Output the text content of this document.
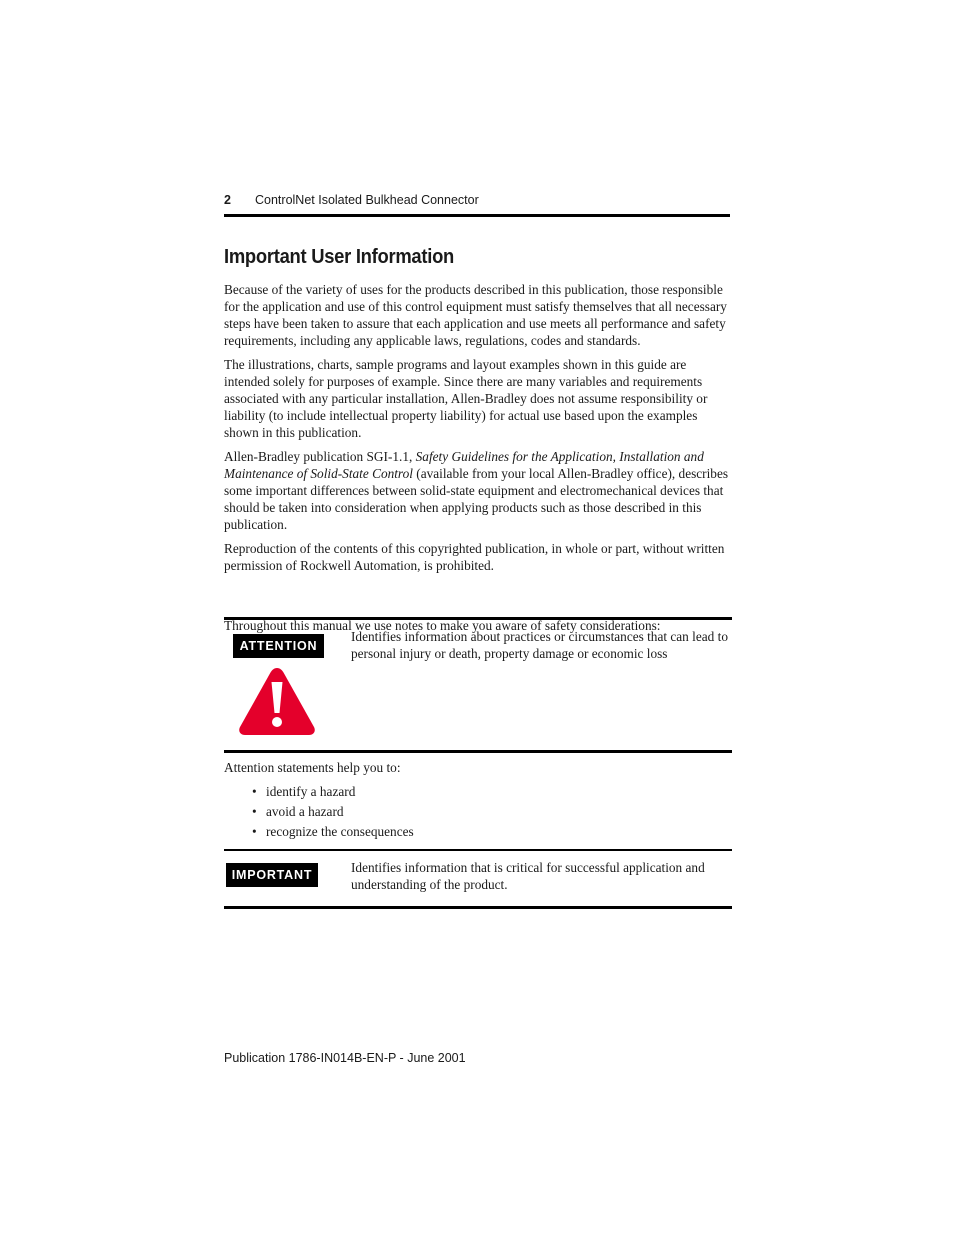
2 ControlNet Isolated Bulkhead Connector
Important User Information

Because of the variety of uses for the products described in this publication, those responsible for the application and use of this control equipment must satisfy themselves that all necessary steps have been taken to assure that each application and use meets all performance and safety requirements, including any applicable laws, regulations, codes and standards.

The illustrations, charts, sample programs and layout examples shown in this guide are intended solely for purposes of example. Since there are many variables and requirements associated with any particular installation, Allen-Bradley does not assume responsibility or liability (to include intellectual property liability) for actual use based upon the examples shown in this publication.

Allen-Bradley publication SGI-1.1, Safety Guidelines for the Application, Installation and Maintenance of Solid-State Control (available from your local Allen-Bradley office), describes some important differences between solid-state equipment and electromechanical devices that should be taken into consideration when applying products such as those described in this publication.

Reproduction of the contents of this copyrighted publication, in whole or part, without written permission of Rockwell Automation, is prohibited.

Throughout this manual we use notes to make you aware of safety considerations:

ATTENTION
Identifies information about practices or circumstances that can lead to personal injury or death, property damage or economic loss

Attention statements help you to:

• identify a hazard
• avoid a hazard
• recognize the consequences
IMPORTANT	Identifies information that is critical for successful application and understanding of the product.
Publication 1786-IN014B-EN-P - June 2001
